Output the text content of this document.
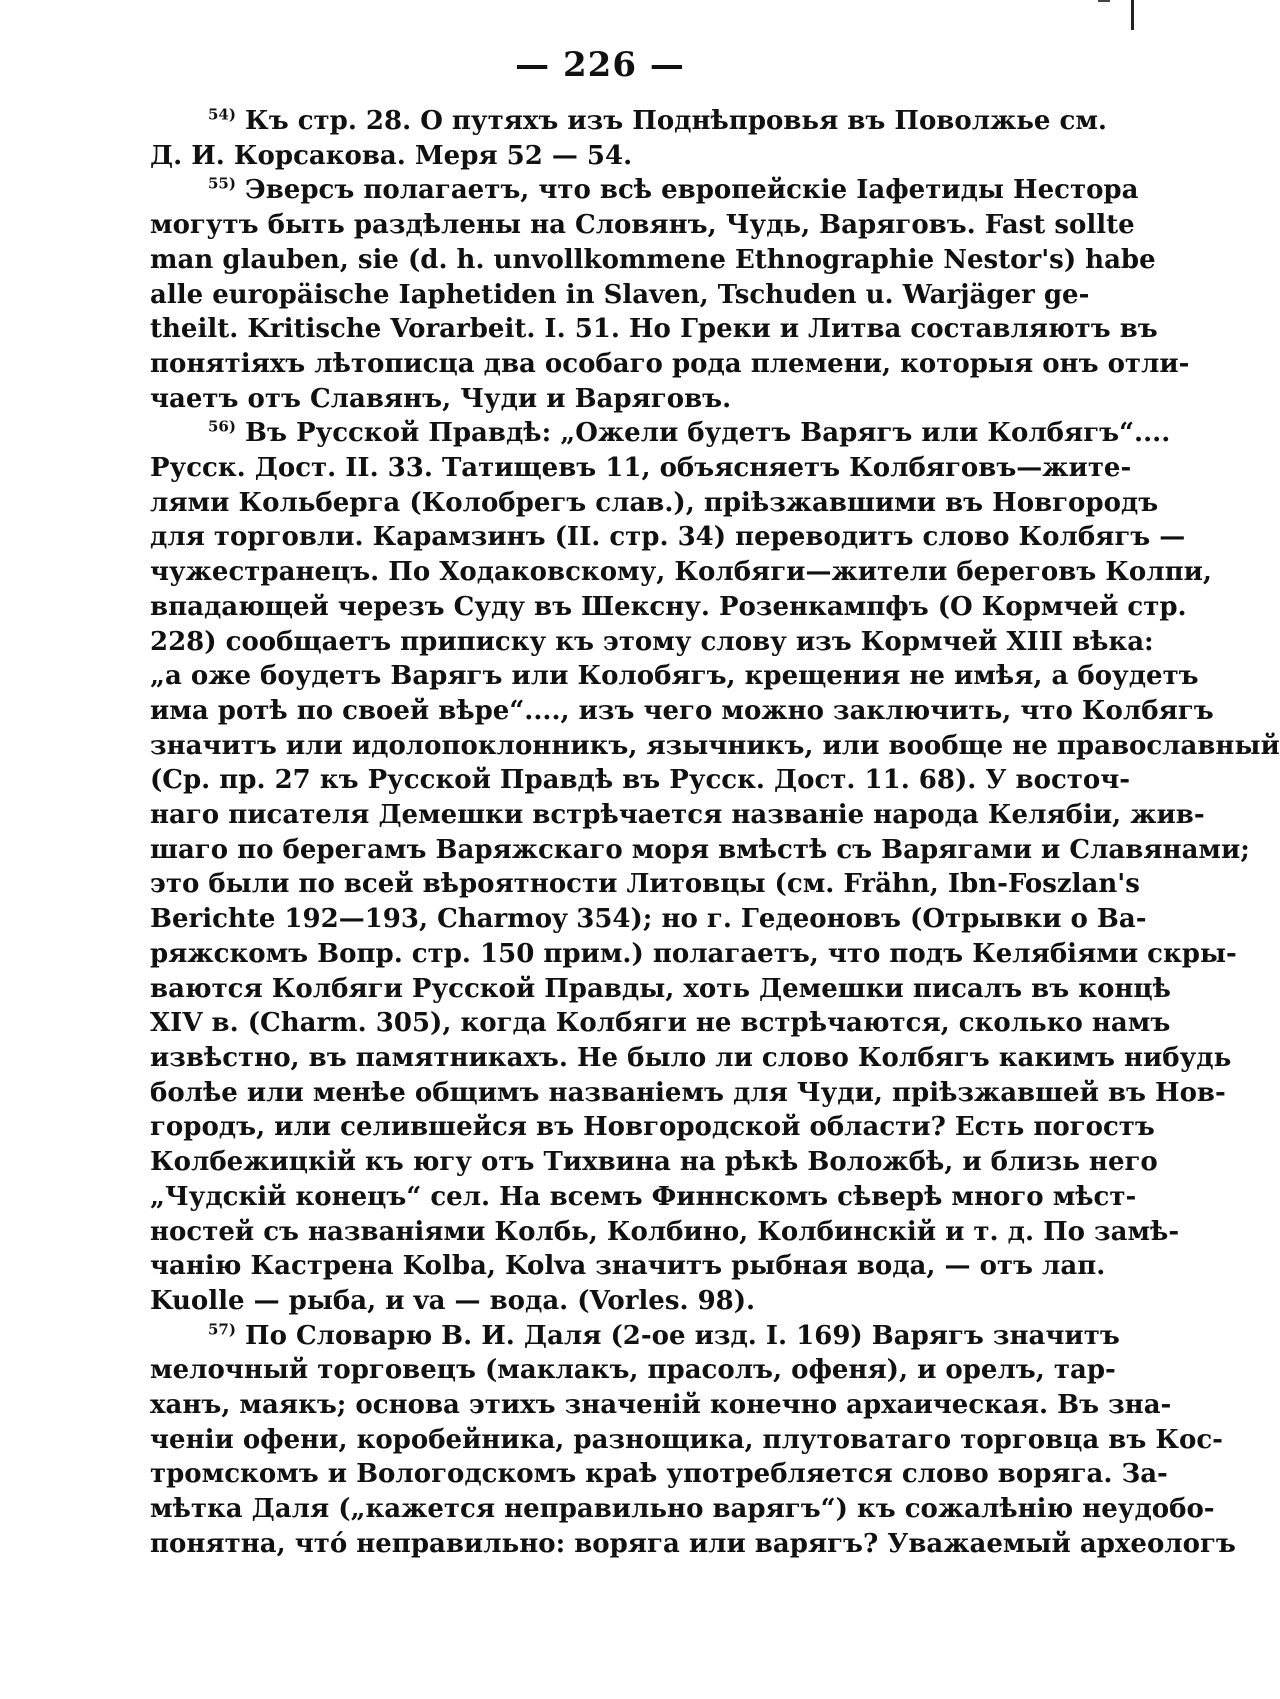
— 226 —
$^{54)}$ Къ стр. 28. О путяхъ изъ Поднѣпровья въ Поволжье см.
Д. И. Корсакова. Меря 52 — 54.
$^{55)}$ Эверсъ полагаетъ, что всѣ европейскіе Іафетиды Нестора
могутъ быть раздѣлены на Словянъ, Чудь, Варяговъ. Fast sollte
man glauben, sie (d. h. unvollkommene Ethnographie Nestor's) habe
alle europäische Iaphetiden in Slaven, Tschuden u. Warjäger ge-
theilt. Kritische Vorarbeit. I. 51. Но Греки и Литва составляютъ въ
понятіяхъ лѣтописца два особаго рода племени, которыя онъ отли-
чаетъ отъ Славянъ, Чуди и Варяговъ.
$^{56)}$ Въ Русской Правдѣ: „Ожели будетъ Варягъ или Колбягъ“....
Русск. Дост. II. 33. Татищевъ 11, объясняетъ Колбяговъ—жите-
лями Кольберга (Колобрегъ слав.), пріѣзжавшими въ Новгородъ
для торговли. Карамзинъ (II. стр. 34) переводитъ слово Колбягъ —
чужестранецъ. По Ходаковскому, Колбяги—жители береговъ Колпи,
впадающей черезъ Суду въ Шексну. Розенкампфъ (О Кормчей стр.
228) сообщаетъ приписку къ этому слову изъ Кормчей XIII вѣка:
„а оже боудетъ Варягъ или Колобягъ, крещения не имѣя, а боудетъ
има ротѣ по своей вѣре“...., изъ чего можно заключить, что Колбягъ
значитъ или идолопоклонникъ, язычникъ, или вообще не православный
(Ср. пр. 27 къ Русской Правдѣ въ Русск. Дост. 11. 68). У восточ-
наго писателя Демешки встрѣчается названіе народа Келябіи, жив-
шаго по берегамъ Варяжскаго моря вмѣстѣ съ Варягами и Славянами;
это были по всей вѣроятности Литовцы (см. Frähn, Ibn-Foszlan's
Berichte 192—193, Charmoy 354); но г. Гедеоновъ (Отрывки о Ва-
ряжскомъ Вопр. стр. 150 прим.) полагаетъ, что подъ Келябіями скры-
ваются Колбяги Русской Правды, хоть Демешки писалъ въ концѣ
XIV в. (Charm. 305), когда Колбяги не встрѣчаются, сколько намъ
извѣстно, въ памятникахъ. Не было ли слово Колбягъ какимъ нибудь
болѣе или менѣе общимъ названіемъ для Чуди, пріѣзжавшей въ Нов-
городъ, или селившейся въ Новгородской области? Есть погостъ
Колбежицкій къ югу отъ Тихвина на рѣкѣ Воложбѣ, и близь него
„Чудскій конецъ“ сел. На всемъ Финнскомъ сѣверѣ много мѣст-
ностей съ названіями Колбь, Колбино, Колбинскій и т. д. По замѣ-
чанію Кастрена Kolba, Kolva значитъ рыбная вода, — отъ лап.
Kuolle — рыба, и va — вода. (Vorles. 98).
$^{57)}$ По Словарю В. И. Даля (2-ое изд. I. 169) Варягъ значитъ
мелочный торговецъ (маклакъ, прасолъ, офеня), и орелъ, тар-
ханъ, маякъ; основа этихъ значеній конечно архаическая. Въ зна-
ченіи офени, коробейника, разнощика, плутоватаго торговца въ Кос-
тромскомъ и Вологодскомъ краѣ употребляется слово воряга. За-
мѣтка Даля („кажется неправильно варягъ“) къ сожалѣнію неудобо-
понятна, что́ неправильно: воряга или варягъ? Уважаемый археологъ
